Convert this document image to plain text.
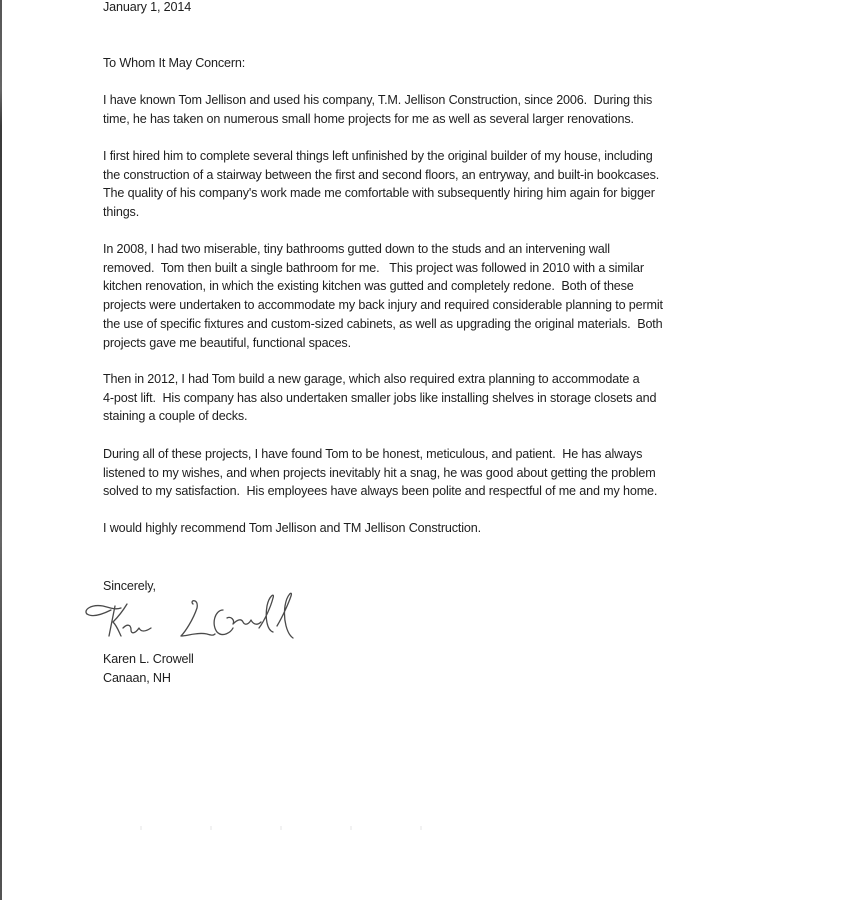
January 1, 2014

To Whom It May Concern:

I have known Tom Jellison and used his company, T.M. Jellison Construction, since 2006.  During this

time, he has taken on numerous small home projects for me as well as several larger renovations.

I first hired him to complete several things left unfinished by the original builder of my house, including

the construction of a stairway between the first and second floors, an entryway, and built-in bookcases.

The quality of his company's work made me comfortable with subsequently hiring him again for bigger

things.

In 2008, I had two miserable, tiny bathrooms gutted down to the studs and an intervening wall

removed.  Tom then built a single bathroom for me.   This project was followed in 2010 with a similar

kitchen renovation, in which the existing kitchen was gutted and completely redone.  Both of these

projects were undertaken to accommodate my back injury and required considerable planning to permit

the use of specific fixtures and custom-sized cabinets, as well as upgrading the original materials.  Both

projects gave me beautiful, functional spaces.

Then in 2012, I had Tom build a new garage, which also required extra planning to accommodate a

4-post lift.  His company has also undertaken smaller jobs like installing shelves in storage closets and

staining a couple of decks.

During all of these projects, I have found Tom to be honest, meticulous, and patient.  He has always

listened to my wishes, and when projects inevitably hit a snag, he was good about getting the problem

solved to my satisfaction.  His employees have always been polite and respectful of me and my home.

I would highly recommend Tom Jellison and TM Jellison Construction.

Sincerely,

Karen L. Crowell

Canaan, NH
